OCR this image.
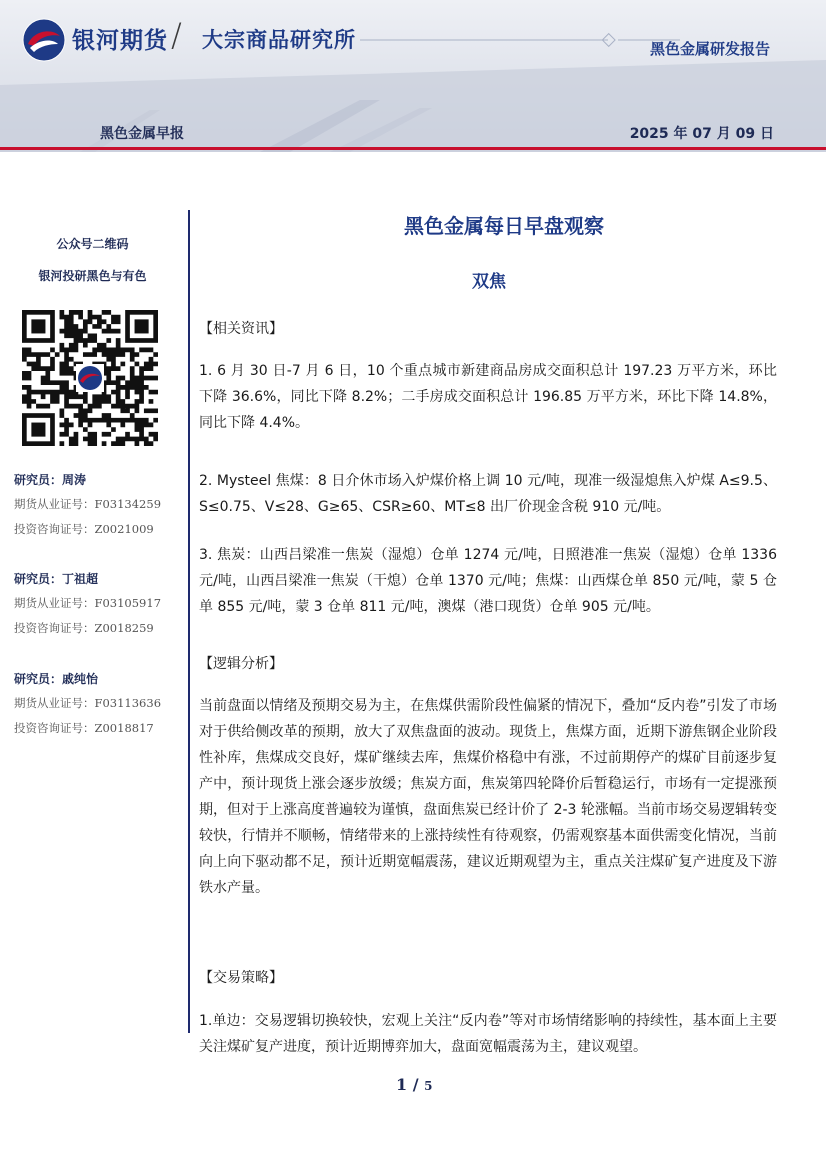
银河期货 / 大宗商品研究所	黑色金属研发报告
黑色金属早报	2025 年 07 月 09 日
公众号二维码
银河投研黑色与有色
研究员：周涛
期货从业证号：F03134259
投资咨询证号：Z0021009
研究员：丁祖超
期货从业证号：F03105917
投资咨询证号：Z0018259
研究员：戚纯怡
期货从业证号：F03113636
投资咨询证号：Z0018817
黑色金属每日早盘观察
双焦
【相关资讯】
1. 6 月 30 日-7 月 6 日，10 个重点城市新建商品房成交面积总计 197.23 万平方米，环比下降 36.6%，同比下降 8.2%；二手房成交面积总计 196.85 万平方米，环比下降 14.8%，同比下降 4.4%。
2. Mysteel 焦煤：8 日介休市场入炉煤价格上调 10 元/吨，现准一级湿熄焦入炉煤 A≤9.5、S≤0.75、V≤28、G≥65、CSR≥60、MT≤8 出厂价现金含税 910 元/吨。
3. 焦炭：山西吕梁准一焦炭（湿熄）仓单 1274 元/吨，日照港准一焦炭（湿熄）仓单 1336 元/吨，山西吕梁准一焦炭（干熄）仓单 1370 元/吨；焦煤：山西煤仓单 850 元/吨，蒙 5 仓单 855 元/吨，蒙 3 仓单 811 元/吨，澳煤（港口现货）仓单 905 元/吨。
【逻辑分析】
当前盘面以情绪及预期交易为主，在焦煤供需阶段性偏紧的情况下，叠加“反内卷”引发了市场对于供给侧改革的预期，放大了双焦盘面的波动。现货上，焦煤方面，近期下游焦钢企业阶段性补库，焦煤成交良好，煤矿继续去库，焦煤价格稳中有涨，不过前期停产的煤矿目前逐步复产中，预计现货上涨会逐步放缓；焦炭方面，焦炭第四轮降价后暂稳运行，市场有一定提涨预期，但对于上涨高度普遍较为谨慎，盘面焦炭已经计价了 2-3 轮涨幅。当前市场交易逻辑转变较快，行情并不顺畅，情绪带来的上涨持续性有待观察，仍需观察基本面供需变化情况，当前向上向下驱动都不足，预计近期宽幅震荡，建议近期观望为主，重点关注煤矿复产进度及下游铁水产量。
【交易策略】
1.单边：交易逻辑切换较快，宏观上关注“反内卷”等对市场情绪影响的持续性，基本面上主要关注煤矿复产进度，预计近期博弈加大，盘面宽幅震荡为主，建议观望。
1 / 5
